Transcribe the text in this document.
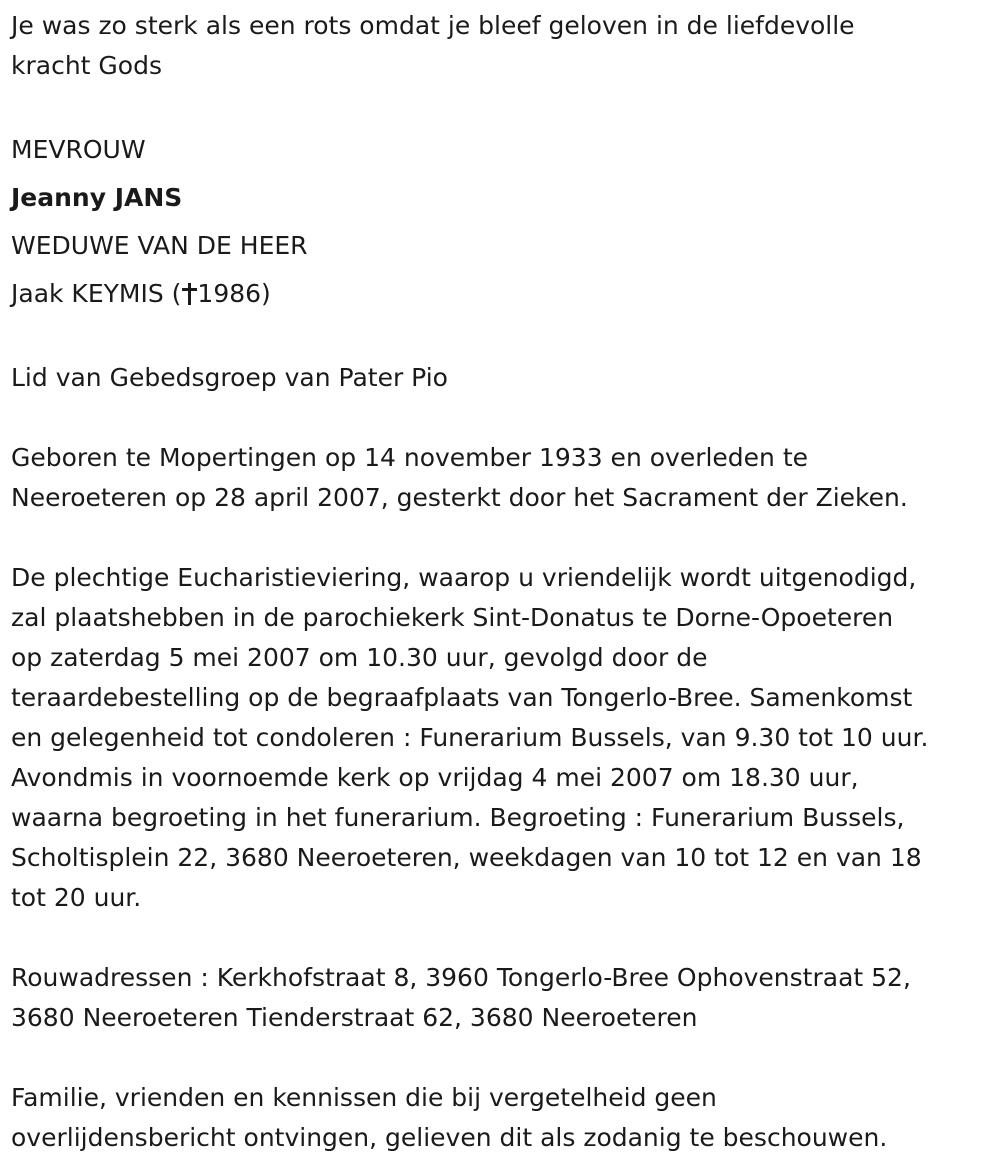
Je was zo sterk als een rots omdat je bleef geloven in de liefdevolle
kracht Gods

MEVROUW
Jeanny JANS
WEDUWE VAN DE HEER
Jaak KEYMIS ( 1986)

Lid van Gebedsgroep van Pater Pio

Geboren te Mopertingen op 14 november 1933 en overleden te
Neeroeteren op 28 april 2007, gesterkt door het Sacrament der Zieken.

De plechtige Eucharistieviering, waarop u vriendelijk wordt uitgenodigd,
zal plaatshebben in de parochiekerk Sint-Donatus te Dorne-Opoeteren
op zaterdag 5 mei 2007 om 10.30 uur, gevolgd door de
teraardebestelling op de begraafplaats van Tongerlo-Bree. Samenkomst
en gelegenheid tot condoleren : Funerarium Bussels, van 9.30 tot 10 uur.
Avondmis in voornoemde kerk op vrijdag 4 mei 2007 om 18.30 uur,
waarna begroeting in het funerarium. Begroeting : Funerarium Bussels,
Scholtisplein 22, 3680 Neeroeteren, weekdagen van 10 tot 12 en van 18
tot 20 uur.

Rouwadressen : Kerkhofstraat 8, 3960 Tongerlo-Bree Ophovenstraat 52,
3680 Neeroeteren Tienderstraat 62, 3680 Neeroeteren

Familie, vrienden en kennissen die bij vergetelheid geen
overlijdensbericht ontvingen, gelieven dit als zodanig te beschouwen.
